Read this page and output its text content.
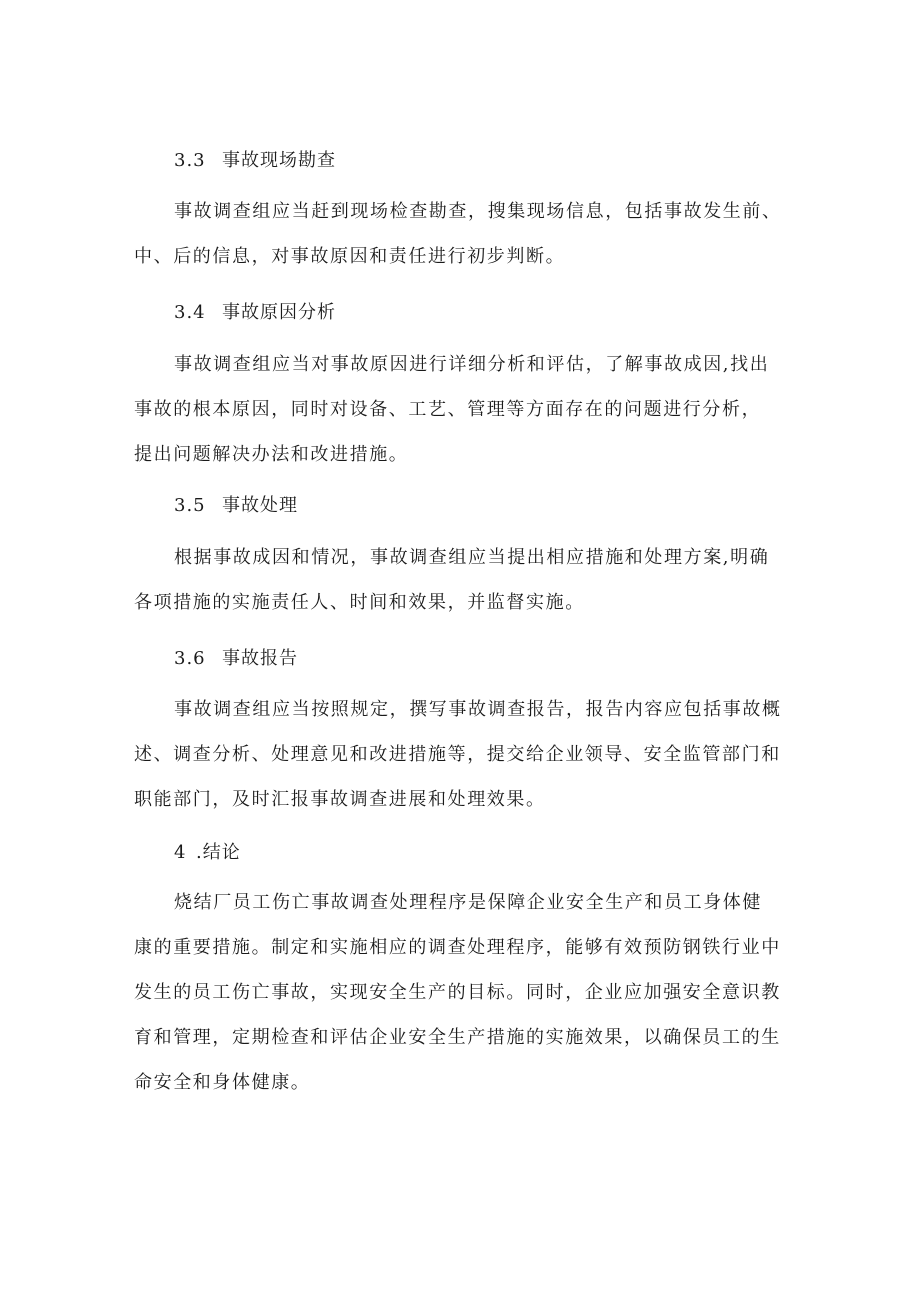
3.3 事故现场勘查
事故调查组应当赶到现场检查勘查，搜集现场信息，包括事故发生前、
中、后的信息，对事故原因和责任进行初步判断。
3.4 事故原因分析
事故调查组应当对事故原因进行详细分析和评估，了解事故成因,找出
事故的根本原因，同时对设备、工艺、管理等方面存在的问题进行分析，
提出问题解决办法和改进措施。
3.5 事故处理
根据事故成因和情况，事故调查组应当提出相应措施和处理方案,明确
各项措施的实施责任人、时间和效果，并监督实施。
3.6 事故报告
事故调查组应当按照规定，撰写事故调查报告，报告内容应包括事故概
述、调查分析、处理意见和改进措施等，提交给企业领导、安全监管部门和
职能部门，及时汇报事故调查进展和处理效果。
4 .结论
烧结厂员工伤亡事故调查处理程序是保障企业安全生产和员工身体健
康的重要措施。制定和实施相应的调查处理程序，能够有效预防钢铁行业中
发生的员工伤亡事故，实现安全生产的目标。同时，企业应加强安全意识教
育和管理，定期检查和评估企业安全生产措施的实施效果，以确保员工的生
命安全和身体健康。
